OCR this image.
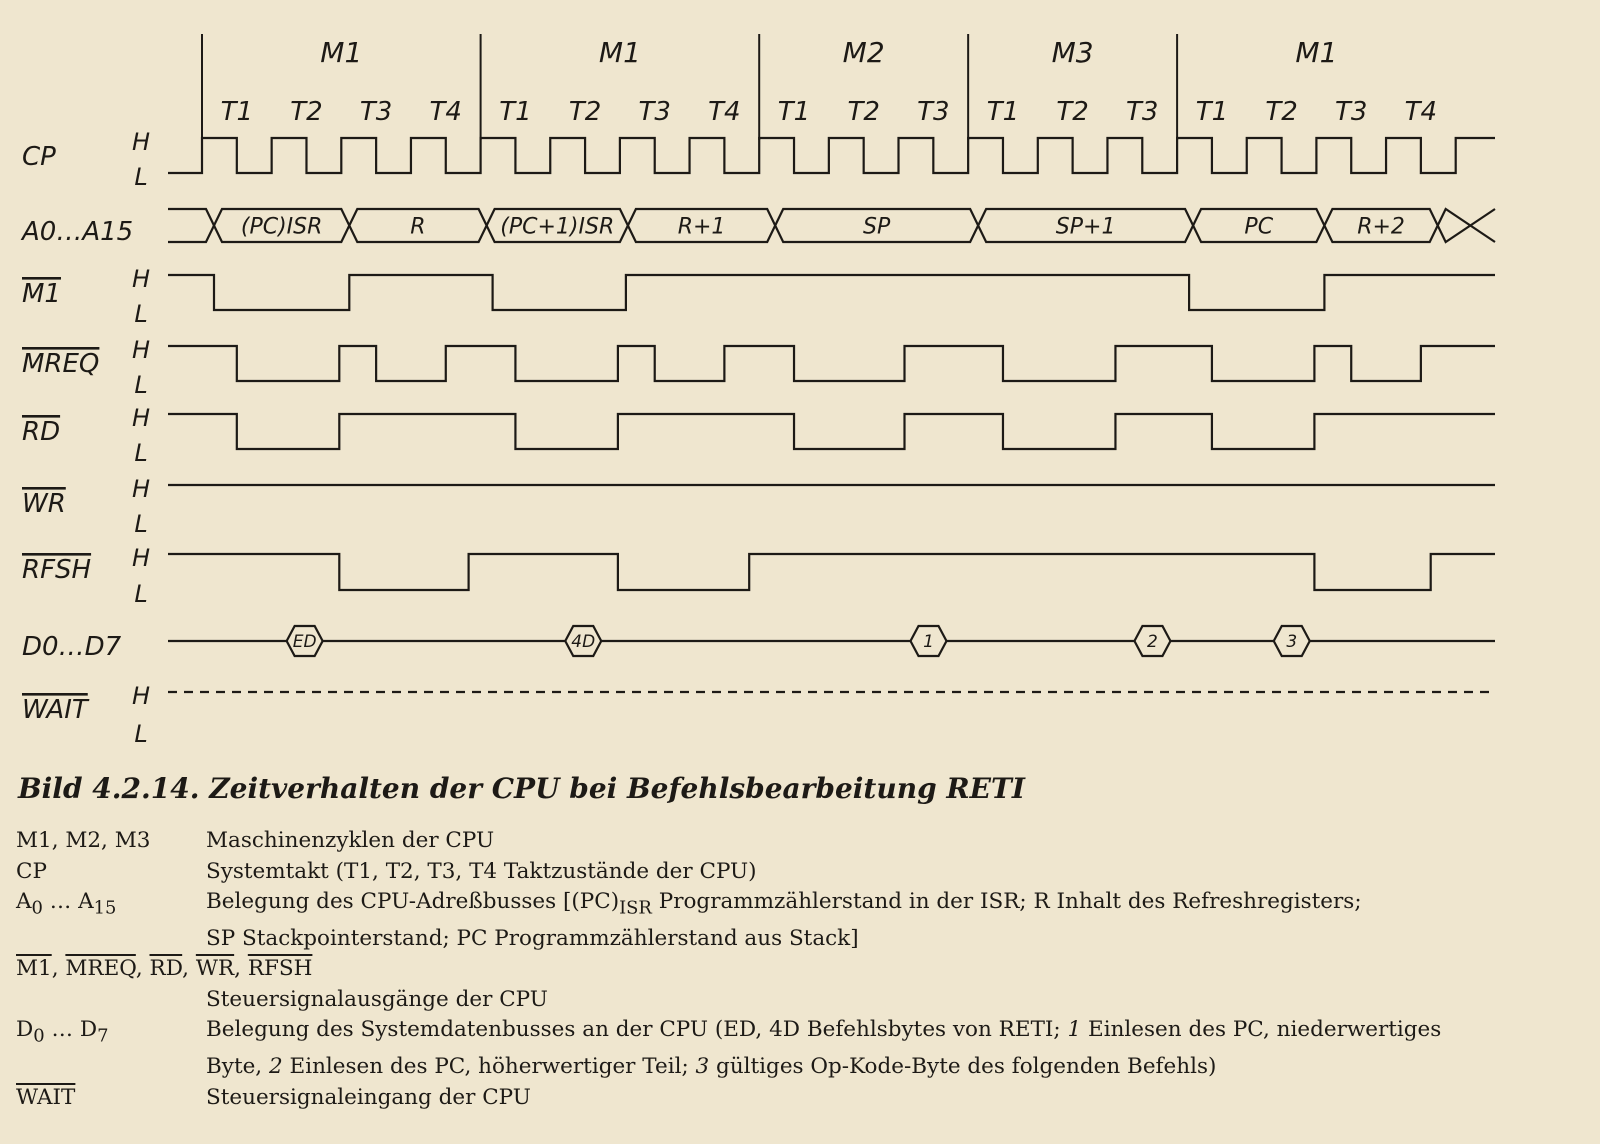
M1	M1	M2	M3	M1
T1 T2 T3 T4 T1 T2 T3 T4 T1 T2 T3 T1 T2 T3 T1 T2 T3 T4
CP
A0…A15
M1
MREQ
RD
WR
RFSH
D0…D7
WAIT
H
L
H
L
H
L
H
L
H
L
H
L
H
L
(PC)ISR	R	(PC+1)ISR	R+1	SP	SP+1	PC	R+2
ED	4D	1	2	3
Bild 4.2.14. Zeitverhalten der CPU bei Befehlsbearbeitung RETI
M1, M2, M3	Maschinenzyklen der CPU
CP	Systemtakt (T1, T2, T3, T4 Taktzustände der CPU)
$A_0$ … $A_{15}$	Belegung des CPU-Adreßbusses [$(PC)_{ISR}$ Programmzählerstand in der ISR; R Inhalt des Refreshregisters;
SP Stackpointerstand; PC Programmzählerstand aus Stack]
M1, MREQ, $\overline{RD}$, $\overline{WR}$, RFSH
Steuersignalausgänge der CPU
$D_0$ … $D_7$	Belegung des Systemdatenbusses an der CPU (ED, 4D Befehlsbytes von RETI; 1 Einlesen des PC, niederwertiges
Byte, 2 Einlesen des PC, höherwertiger Teil; 3 gültiges Op-Kode-Byte des folgenden Befehls)
WAIT	Steuersignaleingang der CPU
